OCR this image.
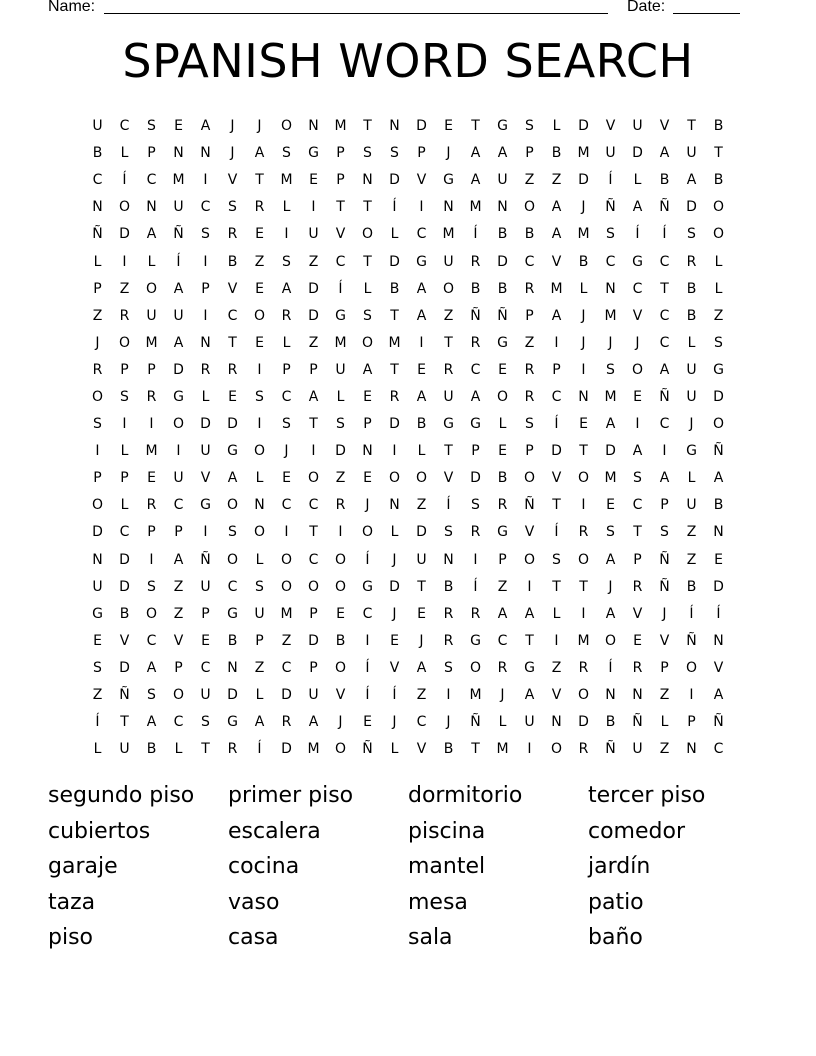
Name:	Date:
SPANISH WORD SEARCH
U	C	S	E	A	J	J	O	N	M	T	N	D	E	T	G	S	L	D	V	U	V	T	B
B	L	P	N	N	J	A	S	G	P	S	S	P	J	A	A	P	B	M	U	D	A	U	T
C	Í	C	M	I	V	T	M	E	P	N	D	V	G	A	U	Z	Z	D	Í	L	B	A	B
N	O	N	U	C	S	R	L	I	T	T	Í	I	N	M	N	O	A	J	Ñ	A	Ñ	D	O
Ñ	D	A	Ñ	S	R	E	I	U	V	O	L	C	M	Í	B	B	A	M	S	Í	Í	S	O
L	I	L	Í	I	B	Z	S	Z	C	T	D	G	U	R	D	C	V	B	C	G	C	R	L
P	Z	O	A	P	V	E	A	D	Í	L	B	A	O	B	B	R	M	L	N	C	T	B	L
Z	R	U	U	I	C	O	R	D	G	S	T	A	Z	Ñ	Ñ	P	A	J	M	V	C	B	Z
J	O	M	A	N	T	E	L	Z	M	O	M	I	T	R	G	Z	I	J	J	J	C	L	S
R	P	P	D	R	R	I	P	P	U	A	T	E	R	C	E	R	P	I	S	O	A	U	G
O	S	R	G	L	E	S	C	A	L	E	R	A	U	A	O	R	C	N	M	E	Ñ	U	D
S	I	I	O	D	D	I	S	T	S	P	D	B	G	G	L	S	Í	E	A	I	C	J	O
I	L	M	I	U	G	O	J	I	D	N	I	L	T	P	E	P	D	T	D	A	I	G	Ñ
P	P	E	U	V	A	L	E	O	Z	E	O	O	V	D	B	O	V	O	M	S	A	L	A
O	L	R	C	G	O	N	C	C	R	J	N	Z	Í	S	R	Ñ	T	I	E	C	P	U	B
D	C	P	P	I	S	O	I	T	I	O	L	D	S	R	G	V	Í	R	S	T	S	Z	N
N	D	I	A	Ñ	O	L	O	C	O	Í	J	U	N	I	P	O	S	O	A	P	Ñ	Z	E
U	D	S	Z	U	C	S	O	O	O	G	D	T	B	Í	Z	I	T	T	J	R	Ñ	B	D
G	B	O	Z	P	G	U	M	P	E	C	J	E	R	R	A	A	L	I	A	V	J	Í	Í
E	V	C	V	E	B	P	Z	D	B	I	E	J	R	G	C	T	I	M	O	E	V	Ñ	N
S	D	A	P	C	N	Z	C	P	O	Í	V	A	S	O	R	G	Z	R	Í	R	P	O	V
Z	Ñ	S	O	U	D	L	D	U	V	Í	Í	Z	I	M	J	A	V	O	N	N	Z	I	A
Í	T	A	C	S	G	A	R	A	J	E	J	C	J	Ñ	L	U	N	D	B	Ñ	L	P	Ñ
L	U	B	L	T	R	Í	D	M	O	Ñ	L	V	B	T	M	I	O	R	Ñ	U	Z	N	C
segundo piso	primer piso	dormitorio	tercer piso
cubiertos	escalera	piscina	comedor
garaje	cocina	mantel	jardín
taza	vaso	mesa	patio
piso	casa	sala	baño
